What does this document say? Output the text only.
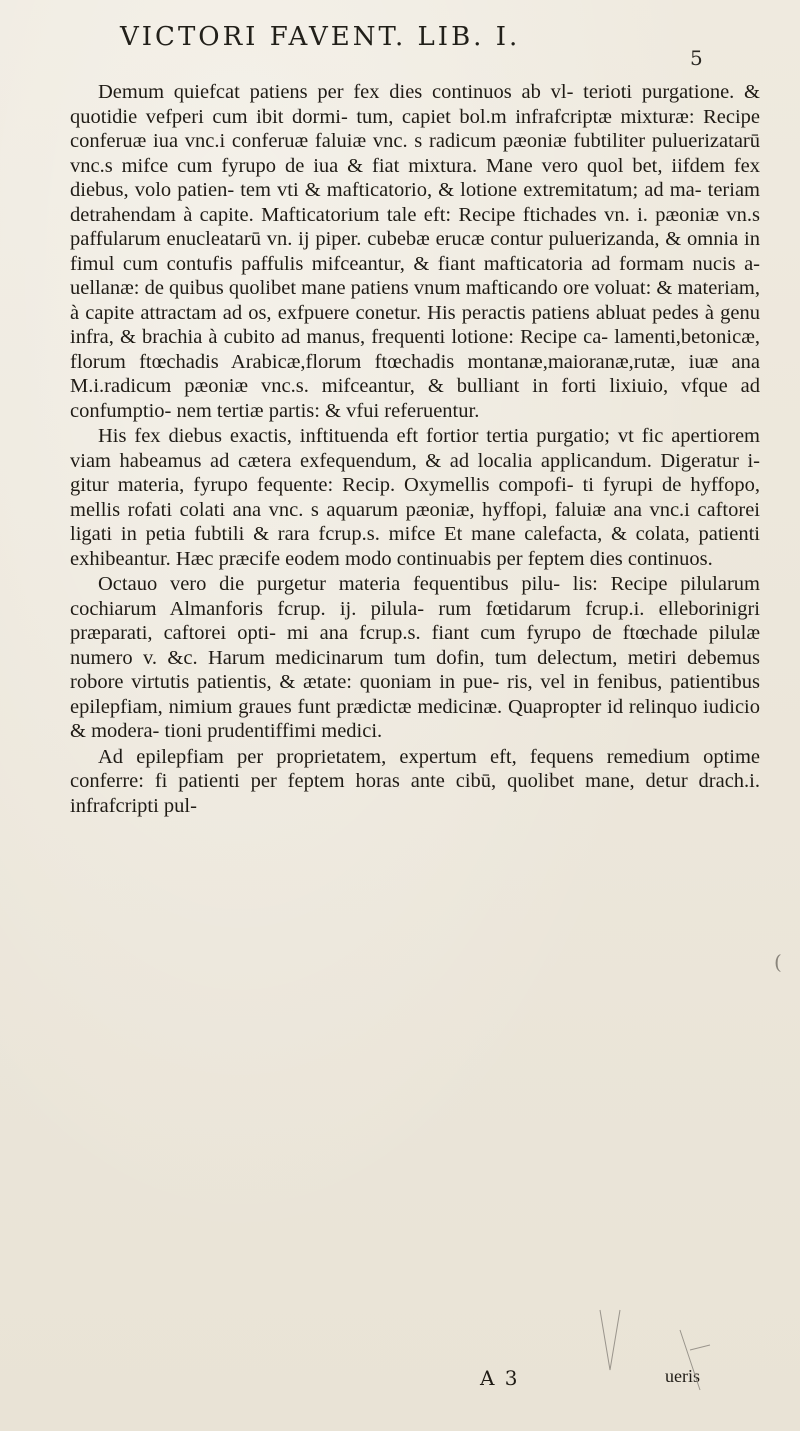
VICTORI FAVENT. LIB. I.
5

Demum quiefcat patiens per fex dies continuos ab vl- terioti purgatione. & quotidie vefperi cum ibit dormi- tum, capiet bol.m infrafcriptæ mixturæ: Recipe conferuæ iua vnc.i conferuæ faluiæ vnc. s radicum pæoniæ fubtiliter puluerizatarū vnc.s mifce cum fyrupo de iua & fiat mixtura. Mane vero quol bet, iifdem fex diebus, volo patien- tem vti & mafticatorio, & lotione extremitatum; ad ma- teriam detrahendam à capite. Mafticatorium tale eft: Recipe ftichades vn. i. pæoniæ vn.s paffularum enucleatarū vn. ij piper. cubebæ erucæ contur puluerizanda, & omnia in fimul cum contufis paffulis mifceantur, & fiant mafticatoria ad formam nucis a- uellanæ: de quibus quolibet mane patiens vnum mafticando ore voluat: & materiam, à capite attractam ad os, exfpuere conetur. His peractis patiens abluat pedes à genu infra, & brachia à cubito ad manus, frequenti lotione: Recipe ca- lamenti,betonicæ, florum ftœchadis Arabicæ,florum ftœchadis montanæ,maioranæ,rutæ, iuæ ana M.i.radicum pæoniæ vnc.s. mifceantur, & bulliant in forti lixiuio, vfque ad confumptio- nem tertiæ partis: & vfui referuentur.

His fex diebus exactis, inftituenda eft fortior tertia purgatio; vt fic apertiorem viam habeamus ad cætera exfequendum, & ad localia applicandum. Digeratur i- gitur materia, fyrupo fequente: Recip. Oxymellis compofi- ti fyrupi de hyffopo, mellis rofati colati ana vnc. s aquarum pæoniæ, hyffopi, faluiæ ana vnc.i caftorei ligati in petia fubtili & rara fcrup.s. mifce Et mane calefacta, & colata, patienti exhibeantur. Hæc præcife eodem modo continuabis per feptem dies continuos.

Octauo vero die purgetur materia fequentibus pilu- lis: Recipe pilularum cochiarum Almanforis fcrup. ij. pilula- rum fœtidarum fcrup.i. elleborinigri præparati, caftorei opti- mi ana fcrup.s. fiant cum fyrupo de ftœchade pilulæ numero v. &c. Harum medicinarum tum dofin, tum delectum, metiri debemus robore virtutis patientis, & ætate: quoniam in pue- ris, vel in fenibus, patientibus epilepfiam, nimium graues funt prædictæ medicinæ. Quapropter id relinquo iudicio & modera- tioni prudentiffimi medici.

Ad epilepfiam per proprietatem, expertum eft, fequens remedium optime conferre: fi patienti per feptem horas ante cibū, quolibet mane, detur drach.i. infrafcripti pul-

(
A 3	ueris
